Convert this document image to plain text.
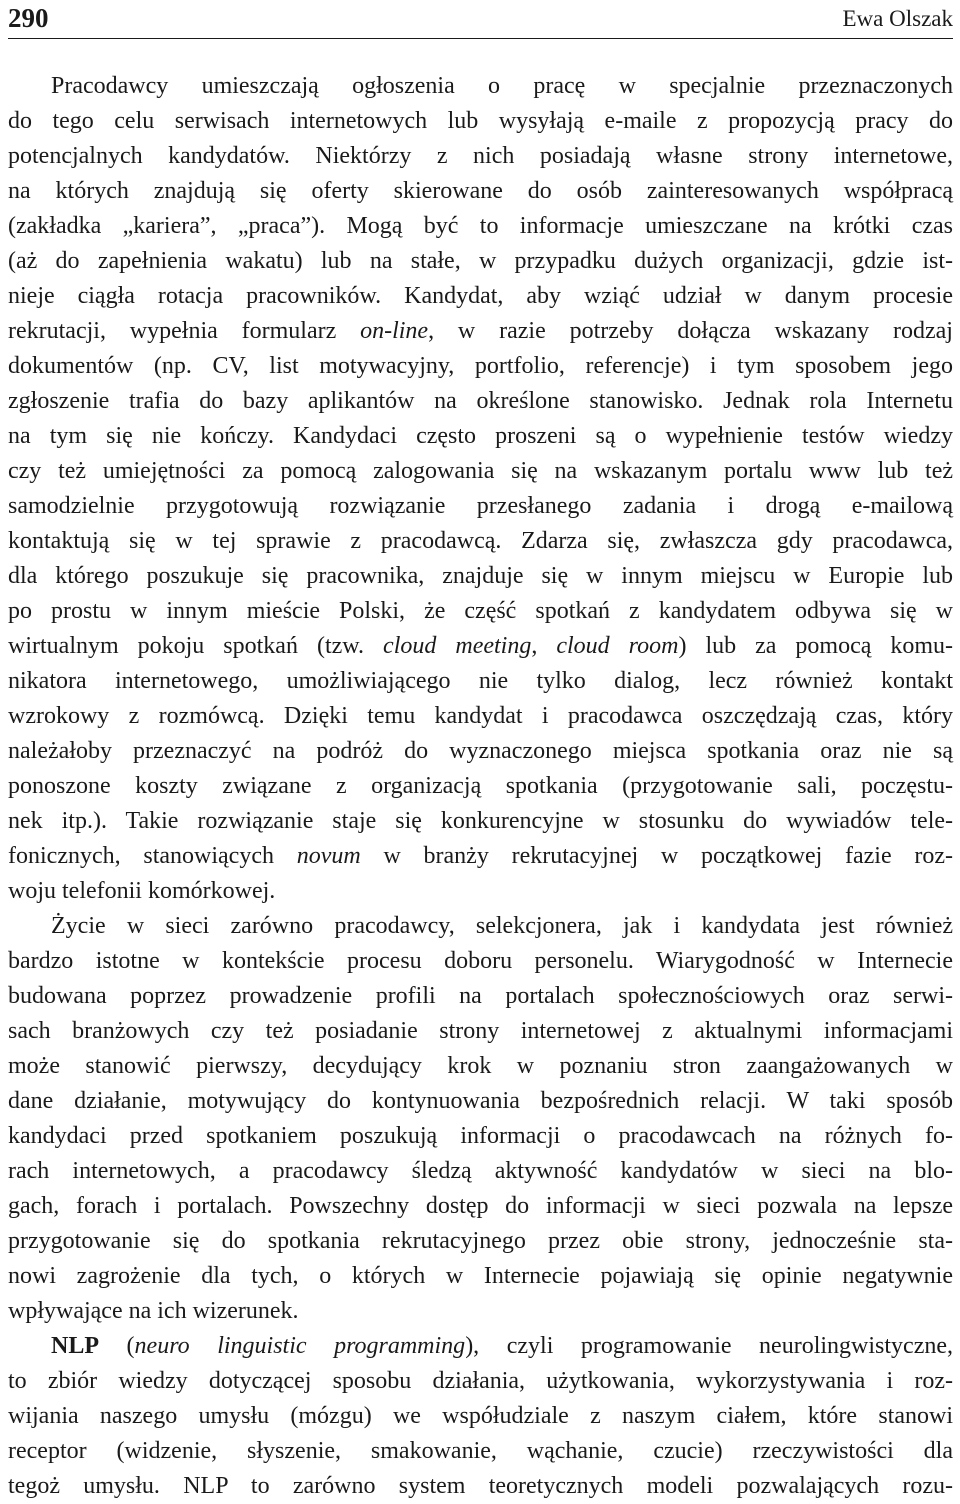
290	Ewa Olszak
Pracodawcy umieszczają ogłoszenia o pracę w specjalnie przeznaczonych
do tego celu serwisach internetowych lub wysyłają e-maile z propozycją pracy do
potencjalnych kandydatów. Niektórzy z nich posiadają własne strony internetowe,
na których znajdują się oferty skierowane do osób zainteresowanych współpracą
(zakładka „kariera”, „praca”). Mogą być to informacje umieszczane na krótki czas
(aż do zapełnienia wakatu) lub na stałe, w przypadku dużych organizacji, gdzie ist-
nieje ciągła rotacja pracowników. Kandydat, aby wziąć udział w danym procesie
rekrutacji, wypełnia formularz on-line, w razie potrzeby dołącza wskazany rodzaj
dokumentów (np. CV, list motywacyjny, portfolio, referencje) i tym sposobem jego
zgłoszenie trafia do bazy aplikantów na określone stanowisko. Jednak rola Internetu
na tym się nie kończy. Kandydaci często proszeni są o wypełnienie testów wiedzy
czy też umiejętności za pomocą zalogowania się na wskazanym portalu www lub też
samodzielnie przygotowują rozwiązanie przesłanego zadania i drogą e-mailową
kontaktują się w tej sprawie z pracodawcą. Zdarza się, zwłaszcza gdy pracodawca,
dla którego poszukuje się pracownika, znajduje się w innym miejscu w Europie lub
po prostu w innym mieście Polski, że część spotkań z kandydatem odbywa się w
wirtualnym pokoju spotkań (tzw. cloud meeting, cloud room) lub za pomocą komu-
nikatora internetowego, umożliwiającego nie tylko dialog, lecz również kontakt
wzrokowy z rozmówcą. Dzięki temu kandydat i pracodawca oszczędzają czas, który
należałoby przeznaczyć na podróż do wyznaczonego miejsca spotkania oraz nie są
ponoszone koszty związane z organizacją spotkania (przygotowanie sali, poczęstu-
nek itp.). Takie rozwiązanie staje się konkurencyjne w stosunku do wywiadów tele-
fonicznych, stanowiących novum w branży rekrutacyjnej w początkowej fazie roz-
woju telefonii komórkowej.
Życie w sieci zarówno pracodawcy, selekcjonera, jak i kandydata jest również
bardzo istotne w kontekście procesu doboru personelu. Wiarygodność w Internecie
budowana poprzez prowadzenie profili na portalach społecznościowych oraz serwi-
sach branżowych czy też posiadanie strony internetowej z aktualnymi informacjami
może stanowić pierwszy, decydujący krok w poznaniu stron zaangażowanych w
dane działanie, motywujący do kontynuowania bezpośrednich relacji. W taki sposób
kandydaci przed spotkaniem poszukują informacji o pracodawcach na różnych fo-
rach internetowych, a pracodawcy śledzą aktywność kandydatów w sieci na blo-
gach, forach i portalach. Powszechny dostęp do informacji w sieci pozwala na lepsze
przygotowanie się do spotkania rekrutacyjnego przez obie strony, jednocześnie sta-
nowi zagrożenie dla tych, o których w Internecie pojawiają się opinie negatywnie
wpływające na ich wizerunek.
NLP (neuro linguistic programming), czyli programowanie neurolingwistyczne,
to zbiór wiedzy dotyczącej sposobu działania, użytkowania, wykorzystywania i roz-
wijania naszego umysłu (mózgu) we współudziale z naszym ciałem, które stanowi
receptor (widzenie, słyszenie, smakowanie, wąchanie, czucie) rzeczywistości dla
tegoż umysłu. NLP to zarówno system teoretycznych modeli pozwalających rozu-
